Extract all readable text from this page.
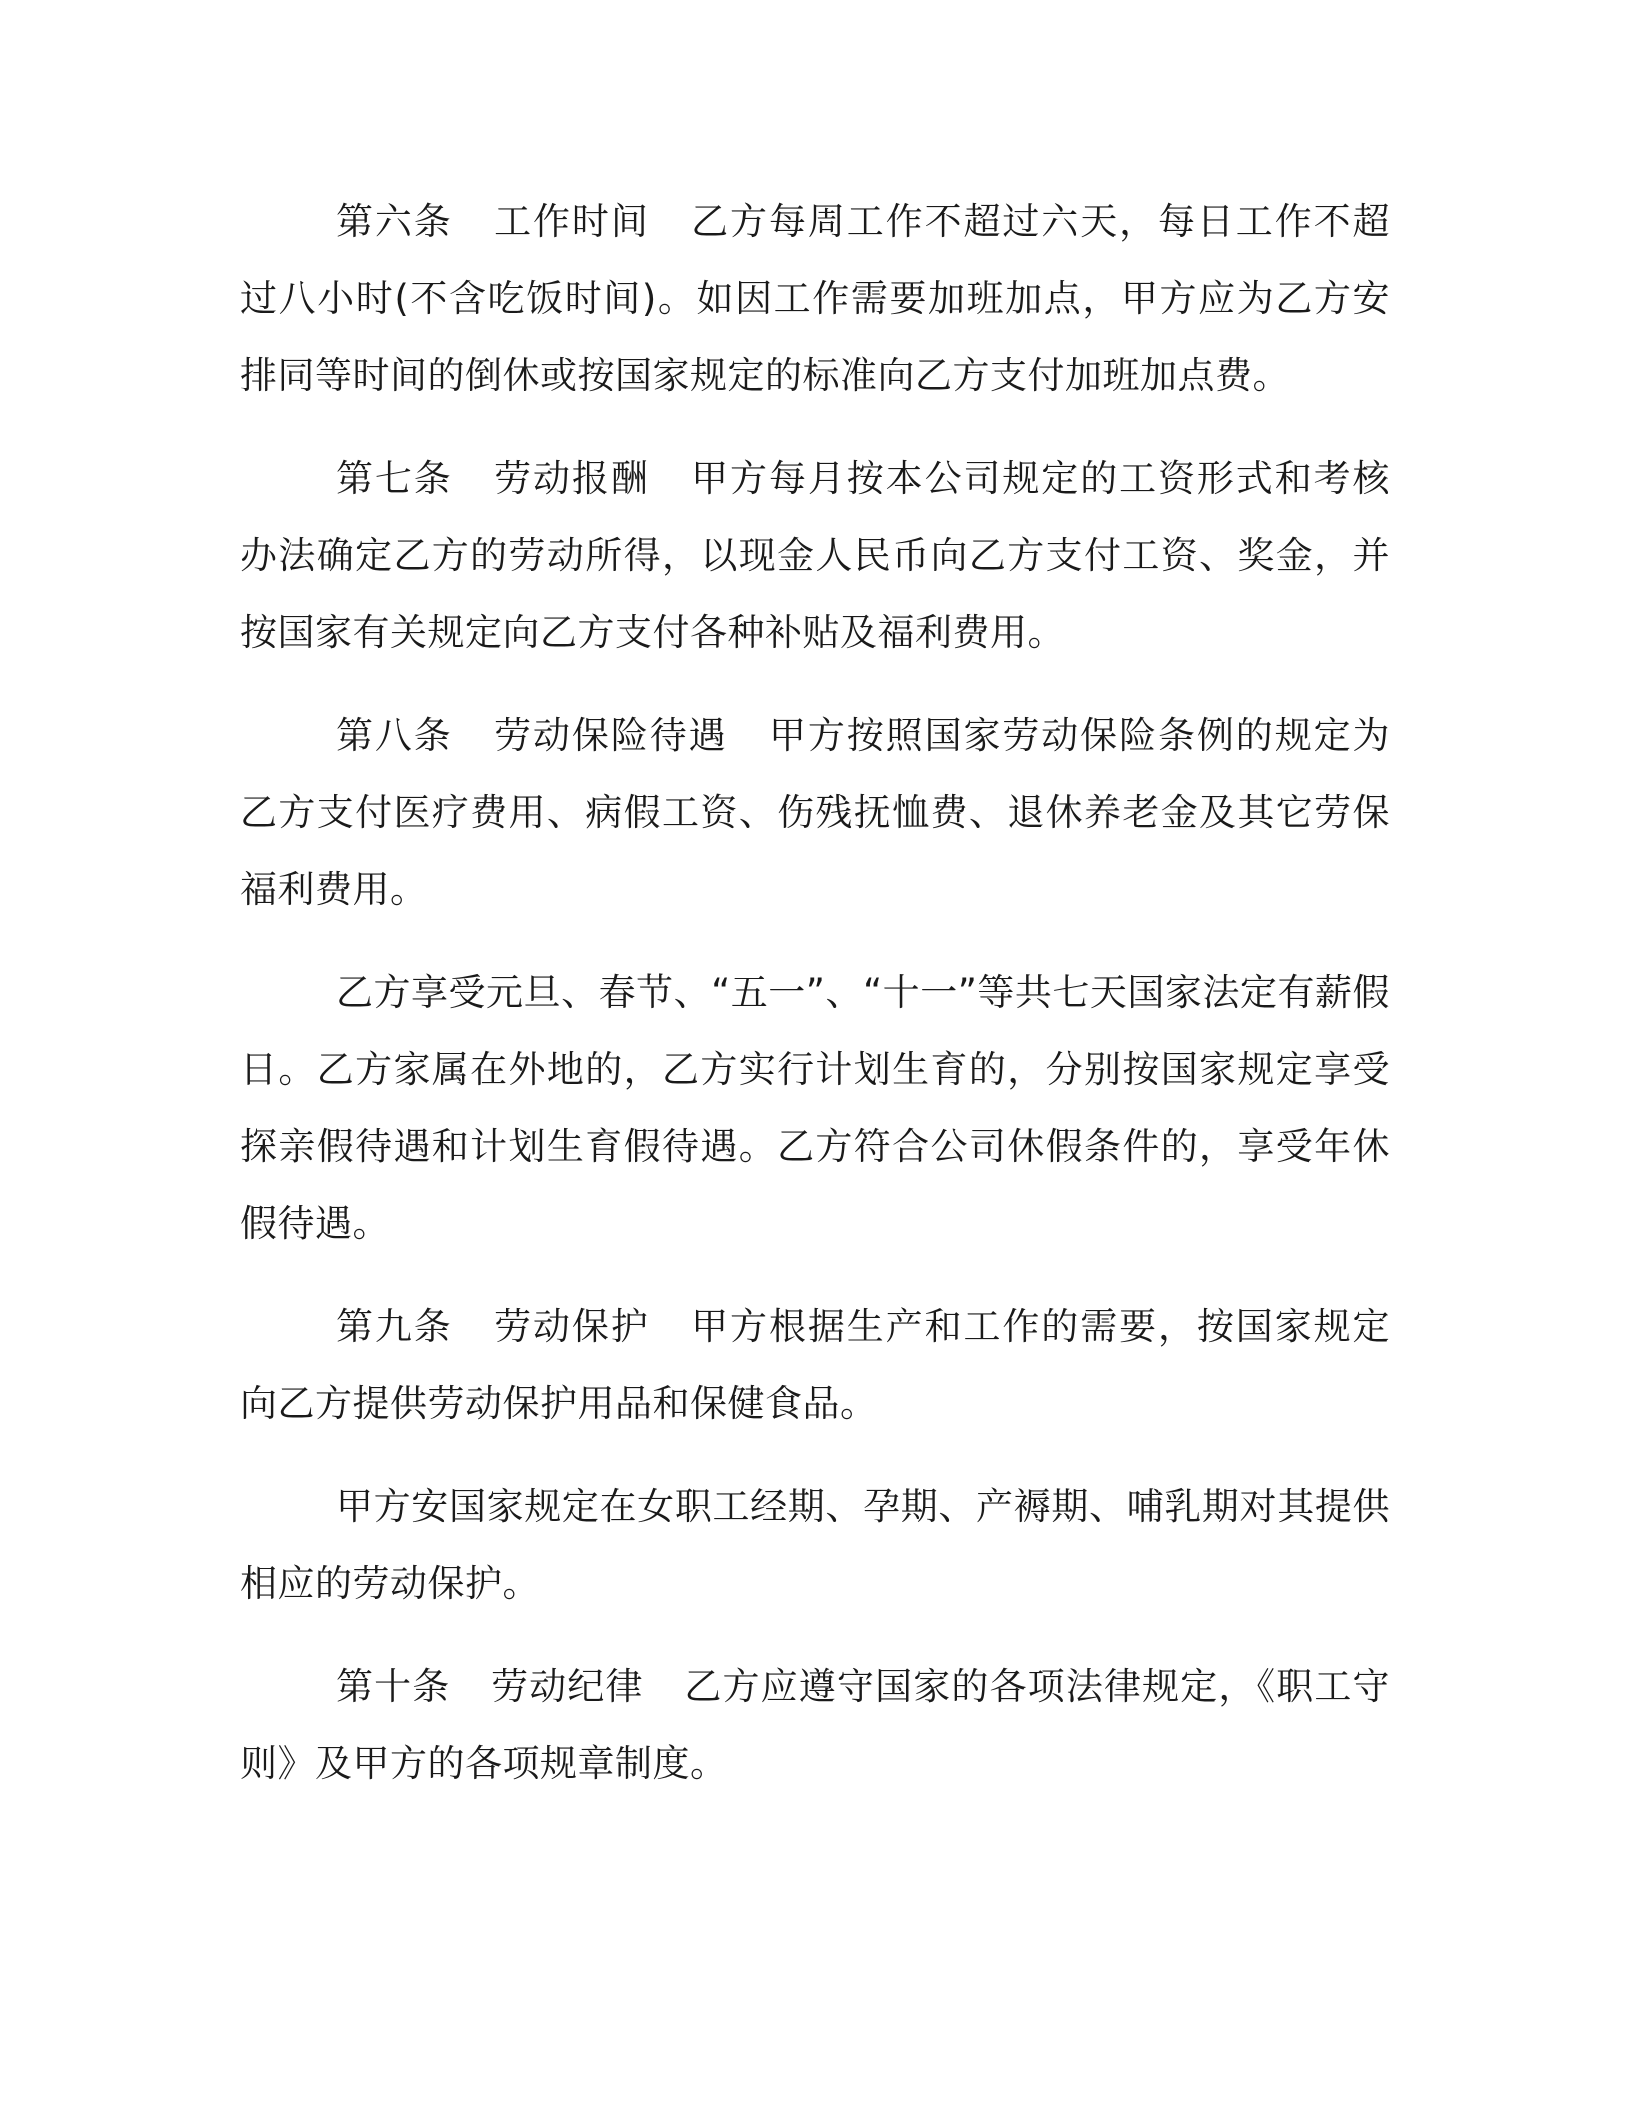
第六条 工作时间 乙方每周工作不超过六天，每日工作不超过八小时(不含吃饭时间)。如因工作需要加班加点，甲方应为乙方安排同等时间的倒休或按国家规定的标准向乙方支付加班加点费。

第七条 劳动报酬 甲方每月按本公司规定的工资形式和考核办法确定乙方的劳动所得，以现金人民币向乙方支付工资、奖金，并按国家有关规定向乙方支付各种补贴及福利费用。

第八条 劳动保险待遇 甲方按照国家劳动保险条例的规定为乙方支付医疗费用、病假工资、伤残抚恤费、退休养老金及其它劳保福利费用。

乙方享受元旦、春节、“五一”、“十一”等共七天国家法定有薪假日。乙方家属在外地的，乙方实行计划生育的，分别按国家规定享受探亲假待遇和计划生育假待遇。乙方符合公司休假条件的，享受年休假待遇。

第九条 劳动保护 甲方根据生产和工作的需要，按国家规定向乙方提供劳动保护用品和保健食品。

甲方安国家规定在女职工经期、孕期、产褥期、哺乳期对其提供相应的劳动保护。

第十条 劳动纪律 乙方应遵守国家的各项法律规定，《职工守则》及甲方的各项规章制度。
